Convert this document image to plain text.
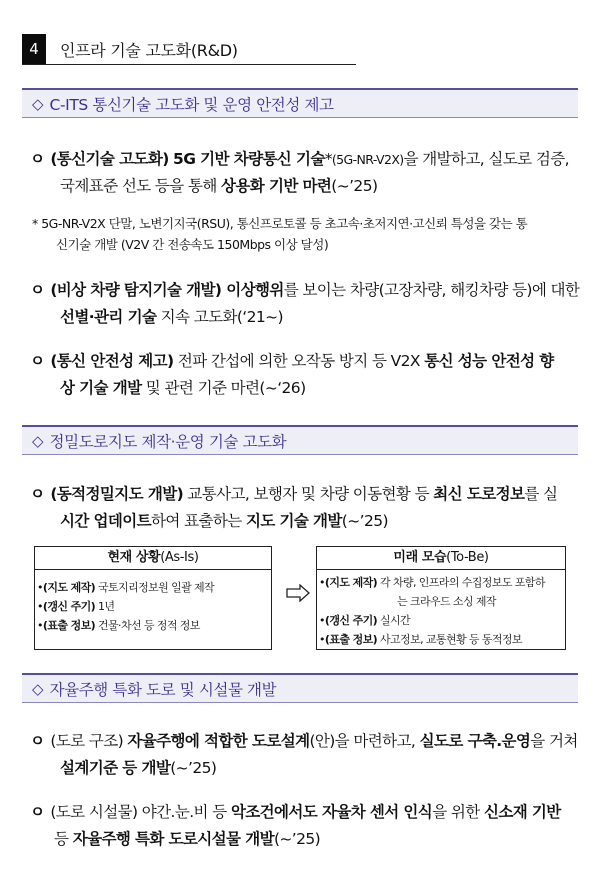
4	인프라 기술 고도화(R&D)
◇ C-ITS 통신기술 고도화 및 운영 안전성 제고
ㅇ (통신기술 고도화) 5G 기반 차량통신 기술*(5G-NR-V2X)을 개발하고, 실도로 검증,
국제표준 선도 등을 통해 상용화 기반 마련(~’25)
* 5G-NR-V2X 단말, 노변기지국(RSU), 통신프로토콜 등 초고속·초저지연·고신뢰 특성을 갖는 통
신기술 개발 (V2V 간 전송속도 150Mbps 이상 달성)
ㅇ (비상 차량 탐지기술 개발) 이상행위를 보이는 차량(고장차량, 해킹차량 등)에 대한
선별·관리 기술 지속 고도화(‘21~)
ㅇ (통신 안전성 제고) 전파 간섭에 의한 오작동 방지 등 V2X 통신 성능 안전성 향
상 기술 개발 및 관련 기준 마련(~‘26)
◇ 정밀도로지도 제작·운영 기술 고도화
ㅇ (동적정밀지도 개발) 교통사고, 보행자 및 차량 이동현황 등 최신 도로정보를 실
시간 업데이트하여 표출하는 지도 기술 개발(~’25)
현재 상황(As-Is)
•(지도 제작) 국토지리정보원 일괄 제작
•(갱신 주기) 1년
•(표출 정보) 건물·차선 등 정적 정보
미래 모습(To-Be)
•(지도 제작) 각 차량, 인프라의 수집정보도 포함하
는 크라우드 소싱 제작
•(갱신 주기) 실시간
•(표출 정보) 사고정보, 교통현황 등 동적정보
◇ 자율주행 특화 도로 및 시설물 개발
ㅇ (도로 구조) 자율주행에 적합한 도로설계(안)을 마련하고, 실도로 구축.운영을 거쳐
설계기준 등 개발(~’25)
ㅇ (도로 시설물) 야간.눈.비 등 악조건에서도 자율차 센서 인식을 위한 신소재 기반
등 자율주행 특화 도로시설물 개발(~’25)
